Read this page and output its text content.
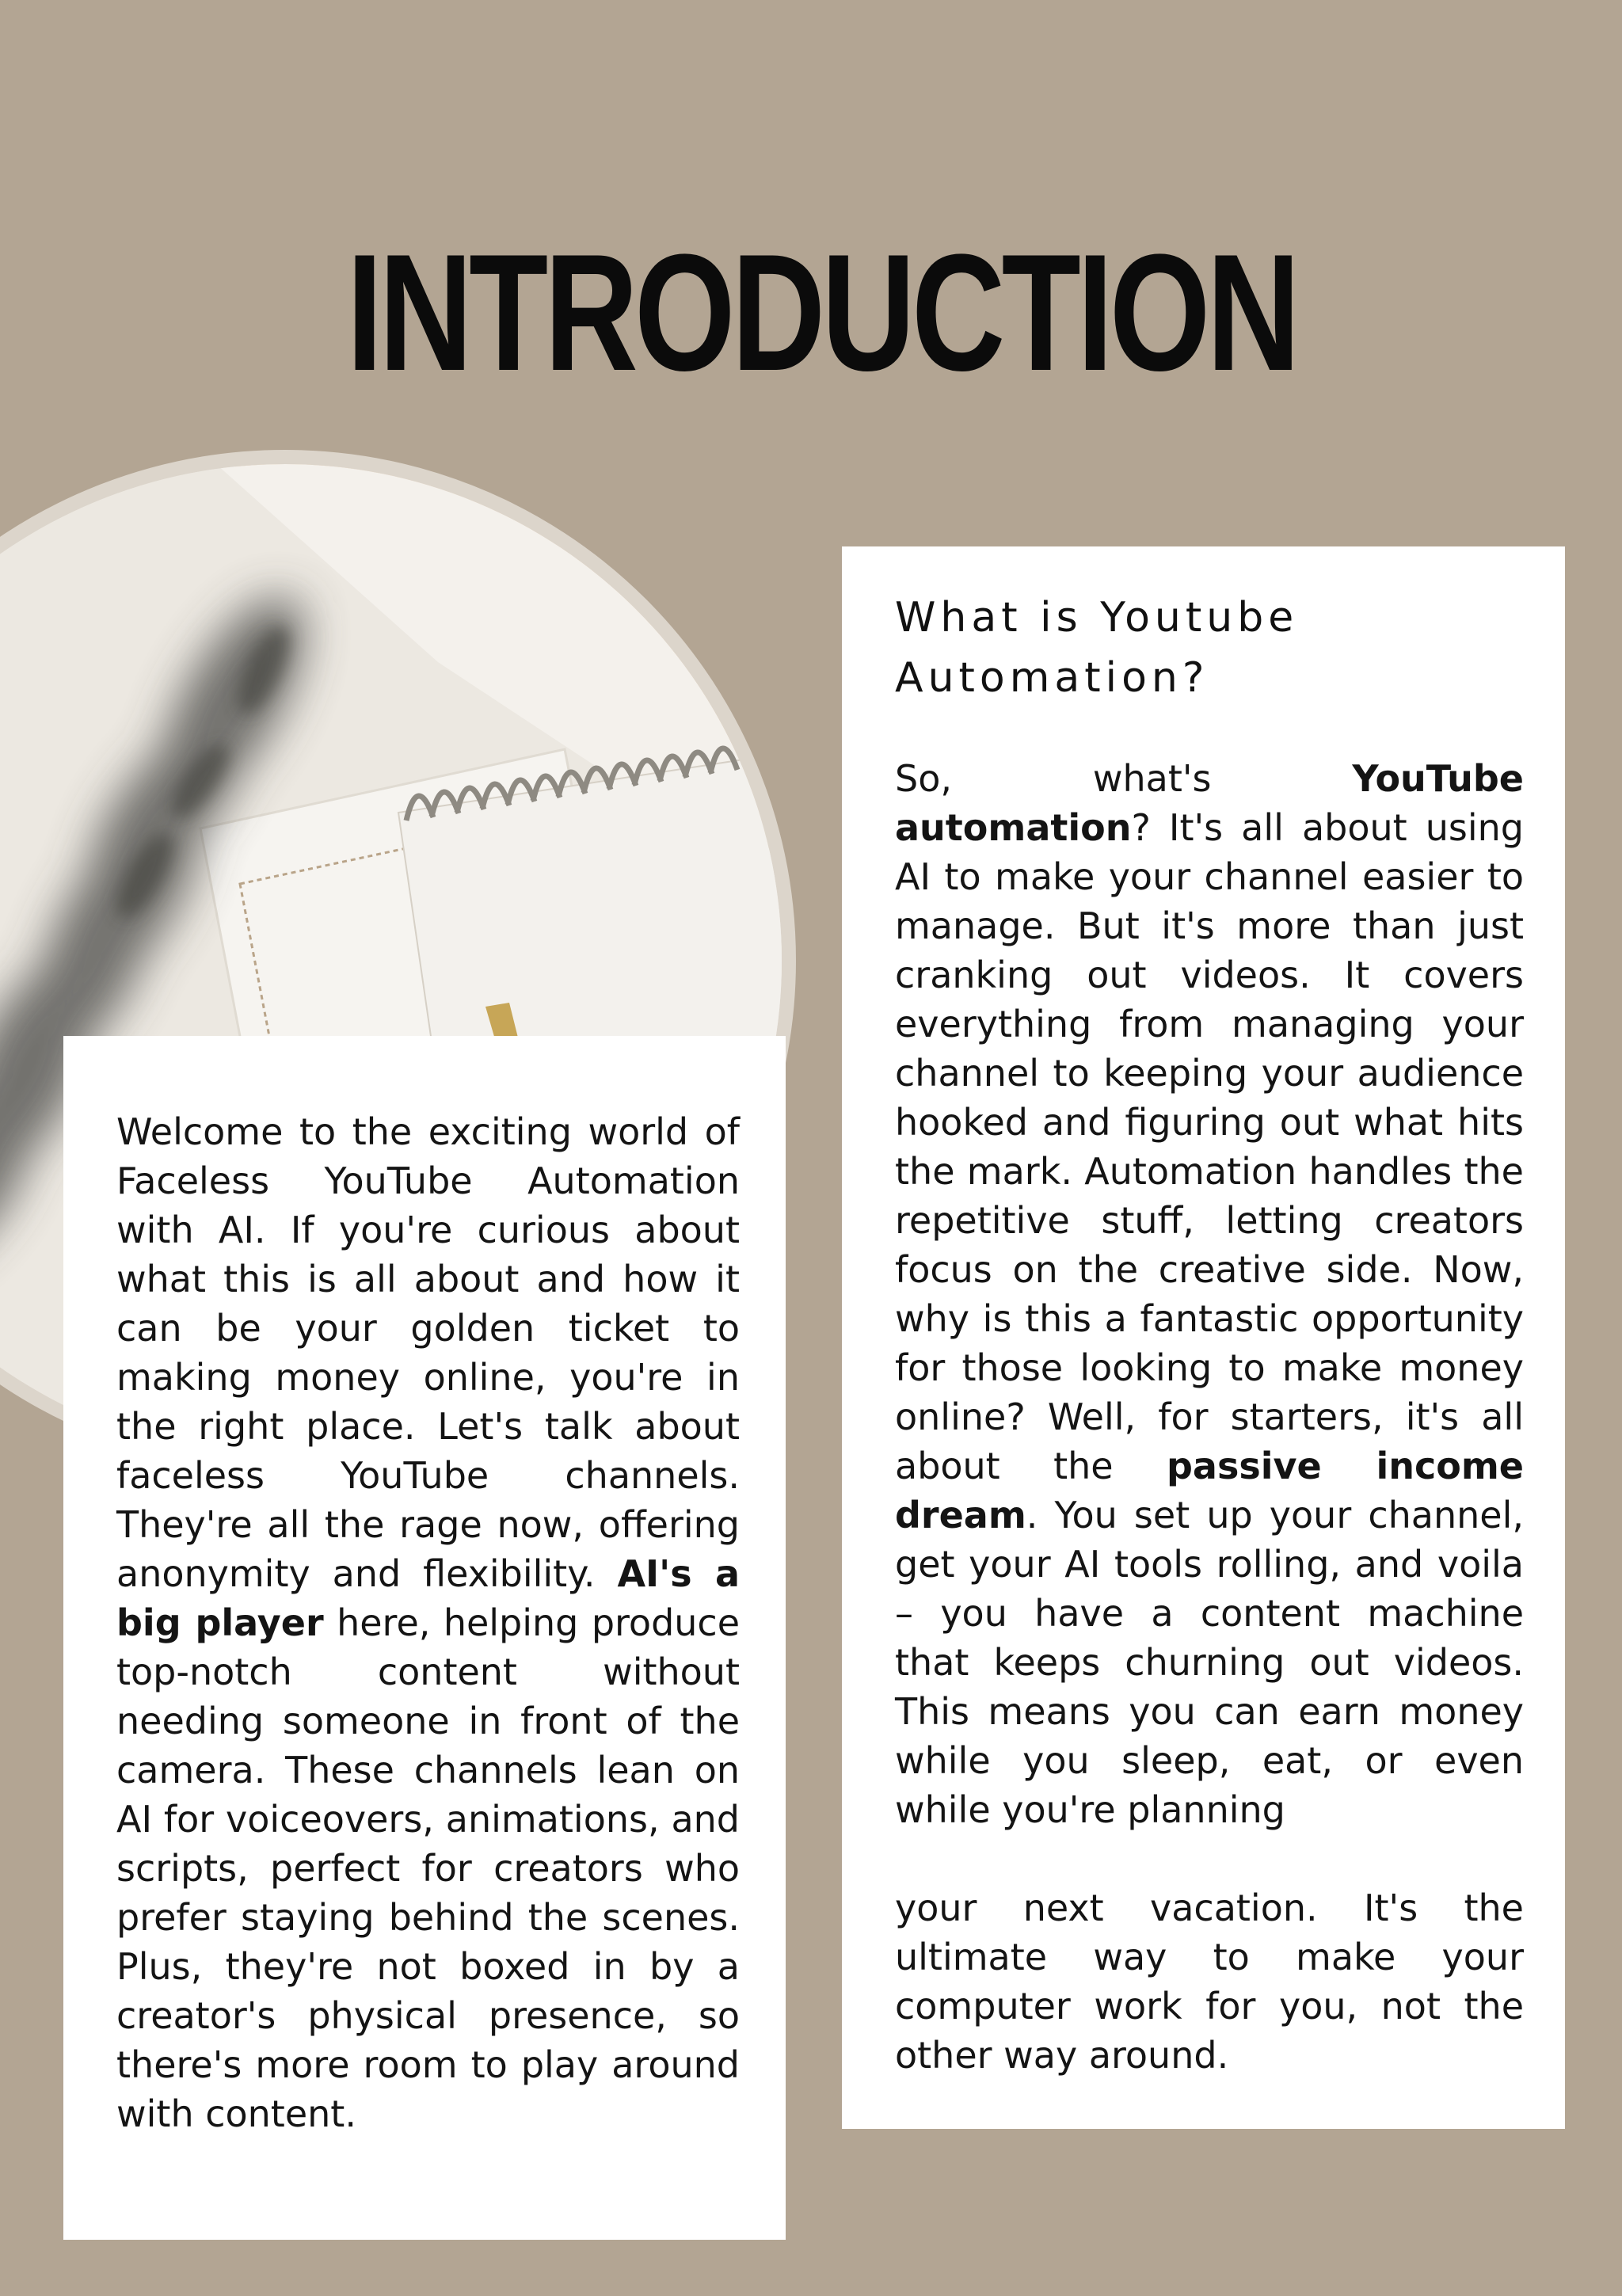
INTRODUCTION
What is Youtube Automation?

So, what's YouTube automation? It's all about using AI to make your channel easier to manage. But it's more than just cranking out videos. It covers everything from managing your channel to keeping your audience hooked and figuring out what hits the mark. Automation handles the repetitive stuff, letting creators focus on the creative side. Now, why is this a fantastic opportunity for those looking to make money online? Well, for starters, it's all about the passive income dream. You set up your channel, get your AI tools rolling, and voila – you have a content machine that keeps churning out videos. This means you can earn money while you sleep, eat, or even while you're planning

your next vacation. It's the ultimate way to make your computer work for you, not the other way around.

Welcome to the exciting world of Faceless YouTube Automation with AI. If you're curious about what this is all about and how it can be your golden ticket to making money online, you're in the right place. Let's talk about faceless YouTube channels. They're all the rage now, offering anonymity and flexibility. AI's a big player here, helping produce top-notch content without needing someone in front of the camera. These channels lean on AI for voiceovers, animations, and scripts, perfect for creators who prefer staying behind the scenes. Plus, they're not boxed in by a creator's physical presence, so there's more room to play around with content.
